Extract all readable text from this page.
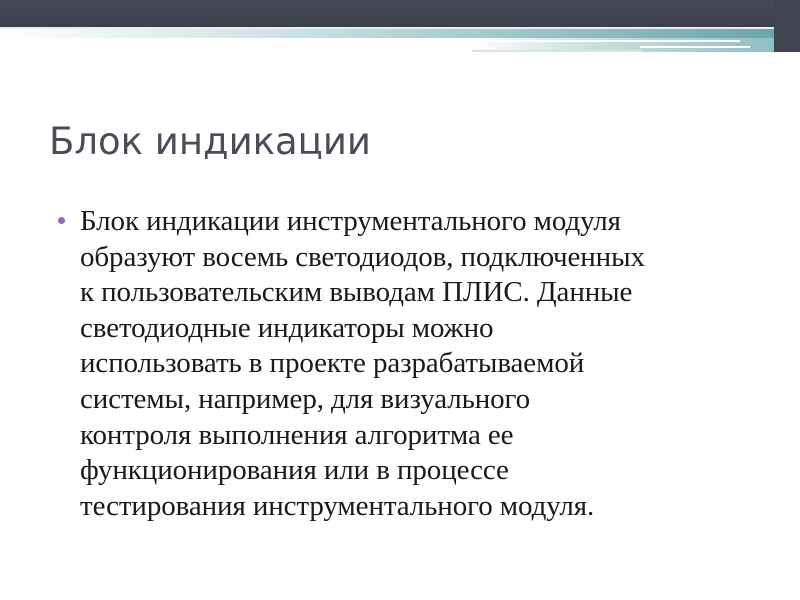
Блок индикации
Блок индикации инструментального модуля
образуют восемь светодиодов, подключенных
к пользовательским выводам ПЛИС. Данные
светодиодные индикаторы можно
использовать в проекте разрабатываемой
системы, например, для визуального
контроля выполнения алгоритма ее
функционирования или в процессе
тестирования инструментального модуля.
